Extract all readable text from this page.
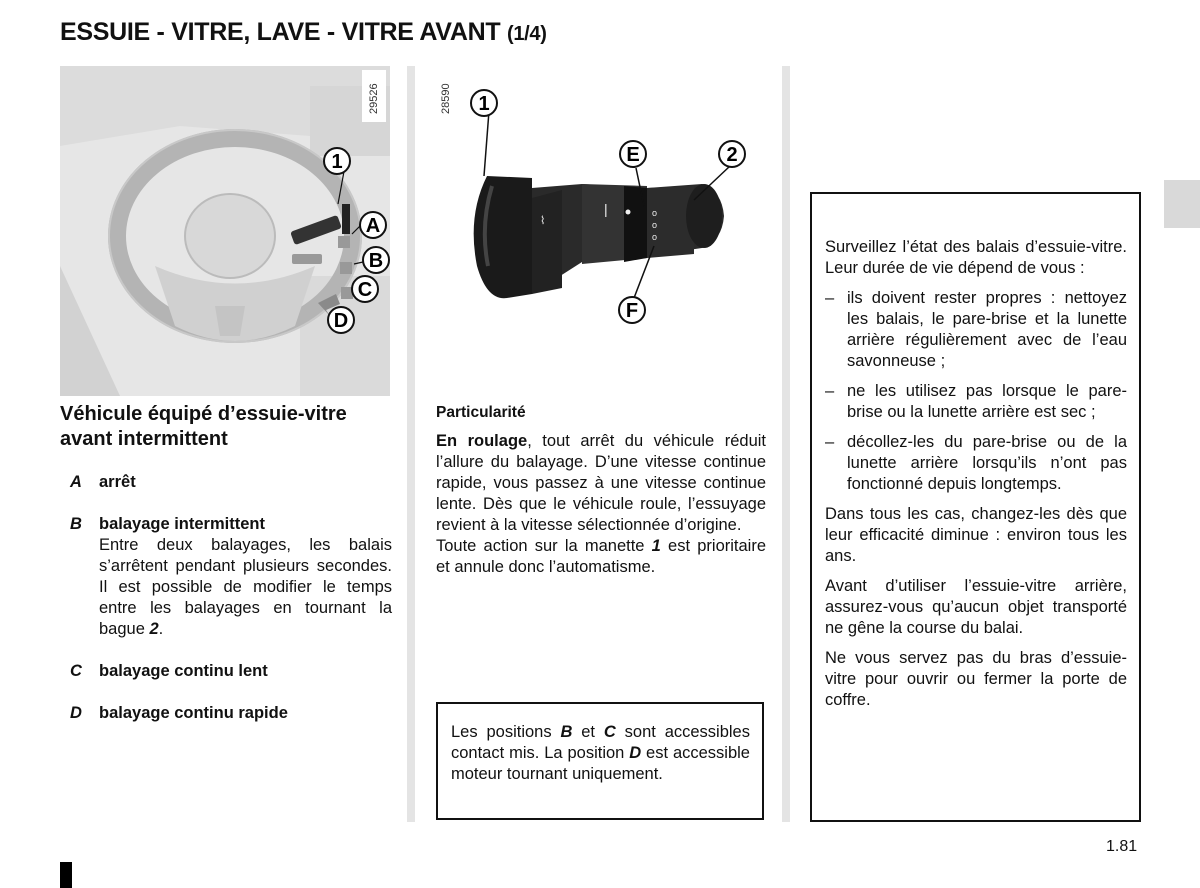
ESSUIE - VITRE, LAVE - VITRE AVANT (1/4)
1
A
B
C
D
29526
⌇
|	o
o
o
1
E	2
F
28590
Véhicule équipé d’essuie-vitre avant intermittent
A arrêt
B balayage intermittent
Entre deux balayages, les balais s’arrêtent pendant plusieurs secondes. Il est possible de modifier le temps entre les balayages en tournant la bague 2.
C balayage continu lent
D balayage continu rapide
Particularité

En roulage, tout arrêt du véhicule réduit l’allure du balayage. D’une vitesse continue rapide, vous passez à une vitesse continue lente. Dès que le véhicule roule, l’essuyage revient à la vitesse sélectionnée d’origine.

Toute action sur la manette 1 est prioritaire et annule donc l’automatisme.

Les positions B et C sont accessibles contact mis. La position D est accessible moteur tournant uniquement.

Surveillez l’état des balais d’essuie-vitre. Leur durée de vie dépend de vous :

– ils doivent rester propres : nettoyez les balais, le pare-brise et la lunette arrière régulièrement avec de l’eau savonneuse ;
– ne les utilisez pas lorsque le pare-brise ou la lunette arrière est sec ;
– décollez-les du pare-brise ou de la lunette arrière lorsqu’ils n’ont pas fonctionné depuis longtemps.

Dans tous les cas, changez-les dès que leur efficacité diminue : environ tous les ans.

Avant d’utiliser l’essuie-vitre arrière, assurez-vous qu’aucun objet transporté ne gêne la course du balai.

Ne vous servez pas du bras d’essuie-vitre pour ouvrir ou fermer la porte de coffre.

1.81
